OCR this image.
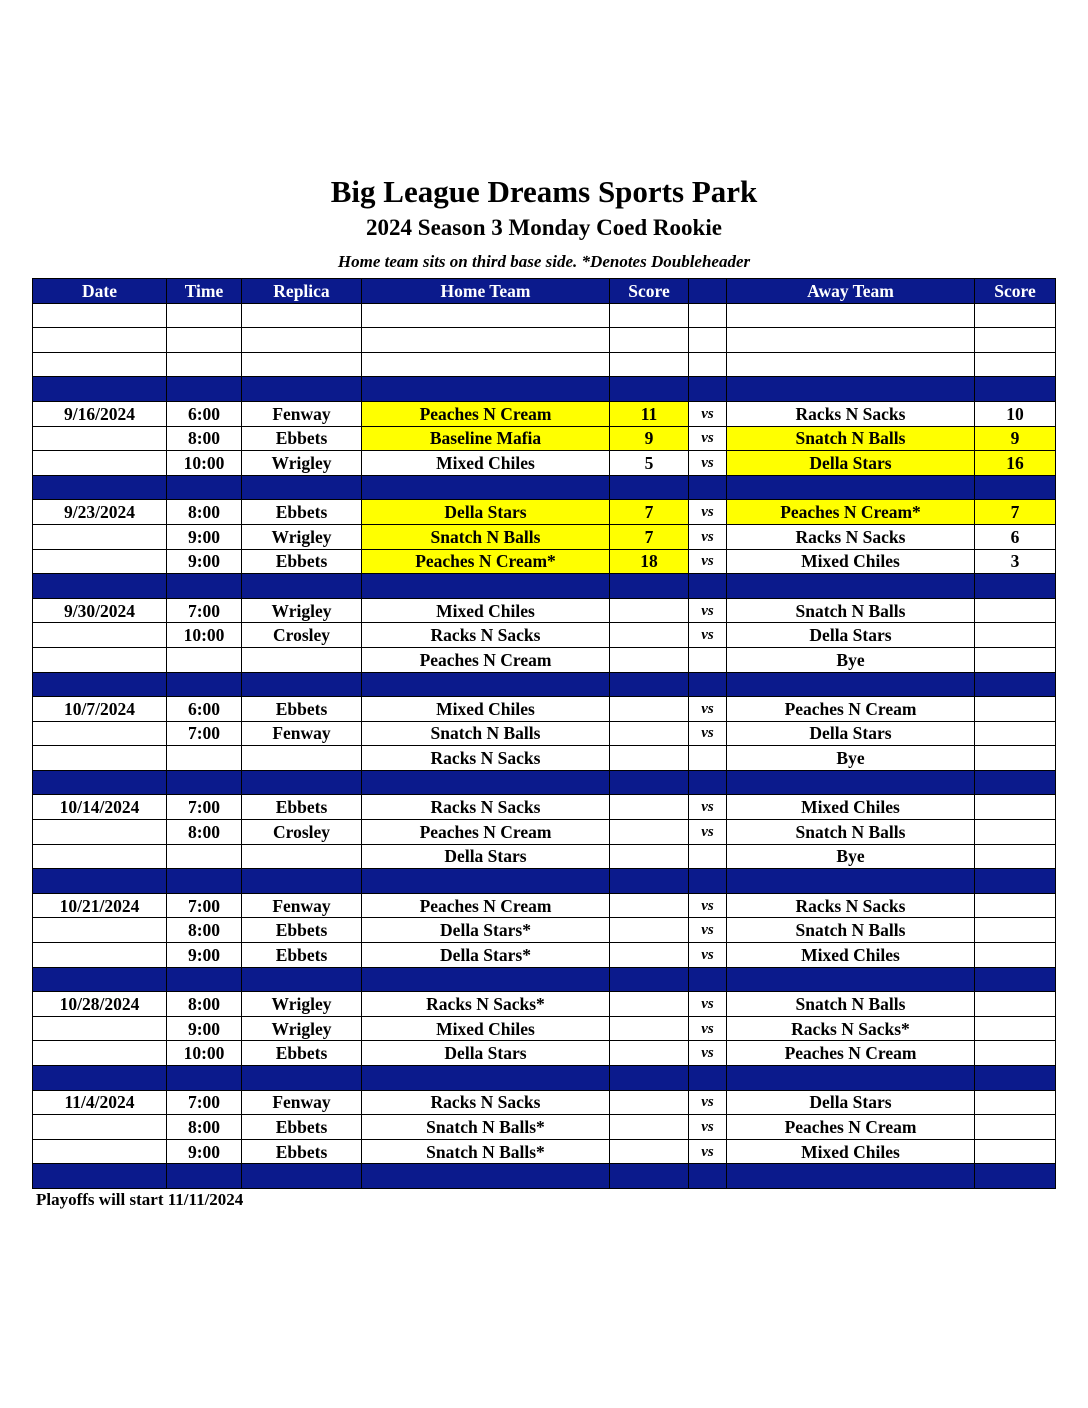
Big League Dreams Sports Park
2024 Season 3 Monday Coed Rookie
Home team sits on third base side. *Denotes Doubleheader
Date	Time	Replica	Home Team	Score		Away Team	Score

9/16/2024	6:00	Fenway	Peaches N Cream	11	vs	Racks N Sacks	10
	8:00	Ebbets	Baseline Mafia	9	vs	Snatch N Balls	9
	10:00	Wrigley	Mixed Chiles	5	vs	Della Stars	16

9/23/2024	8:00	Ebbets	Della Stars	7	vs	Peaches N Cream*	7
	9:00	Wrigley	Snatch N Balls	7	vs	Racks N Sacks	6
	9:00	Ebbets	Peaches N Cream*	18	vs	Mixed Chiles	3

9/30/2024	7:00	Wrigley	Mixed Chiles		vs	Snatch N Balls	
	10:00	Crosley	Racks N Sacks		vs	Della Stars	
			Peaches N Cream			Bye	

10/7/2024	6:00	Ebbets	Mixed Chiles		vs	Peaches N Cream	
	7:00	Fenway	Snatch N Balls		vs	Della Stars	
			Racks N Sacks			Bye	

10/14/2024	7:00	Ebbets	Racks N Sacks		vs	Mixed Chiles	
	8:00	Crosley	Peaches N Cream		vs	Snatch N Balls	
			Della Stars			Bye	

10/21/2024	7:00	Fenway	Peaches N Cream		vs	Racks N Sacks	
	8:00	Ebbets	Della Stars*		vs	Snatch N Balls	
	9:00	Ebbets	Della Stars*		vs	Mixed Chiles	

10/28/2024	8:00	Wrigley	Racks N Sacks*		vs	Snatch N Balls	
	9:00	Wrigley	Mixed Chiles		vs	Racks N Sacks*	
	10:00	Ebbets	Della Stars		vs	Peaches N Cream	

11/4/2024	7:00	Fenway	Racks N Sacks		vs	Della Stars	
	8:00	Ebbets	Snatch N Balls*		vs	Peaches N Cream	
	9:00	Ebbets	Snatch N Balls*		vs	Mixed Chiles	

Playoffs will start 11/11/2024
